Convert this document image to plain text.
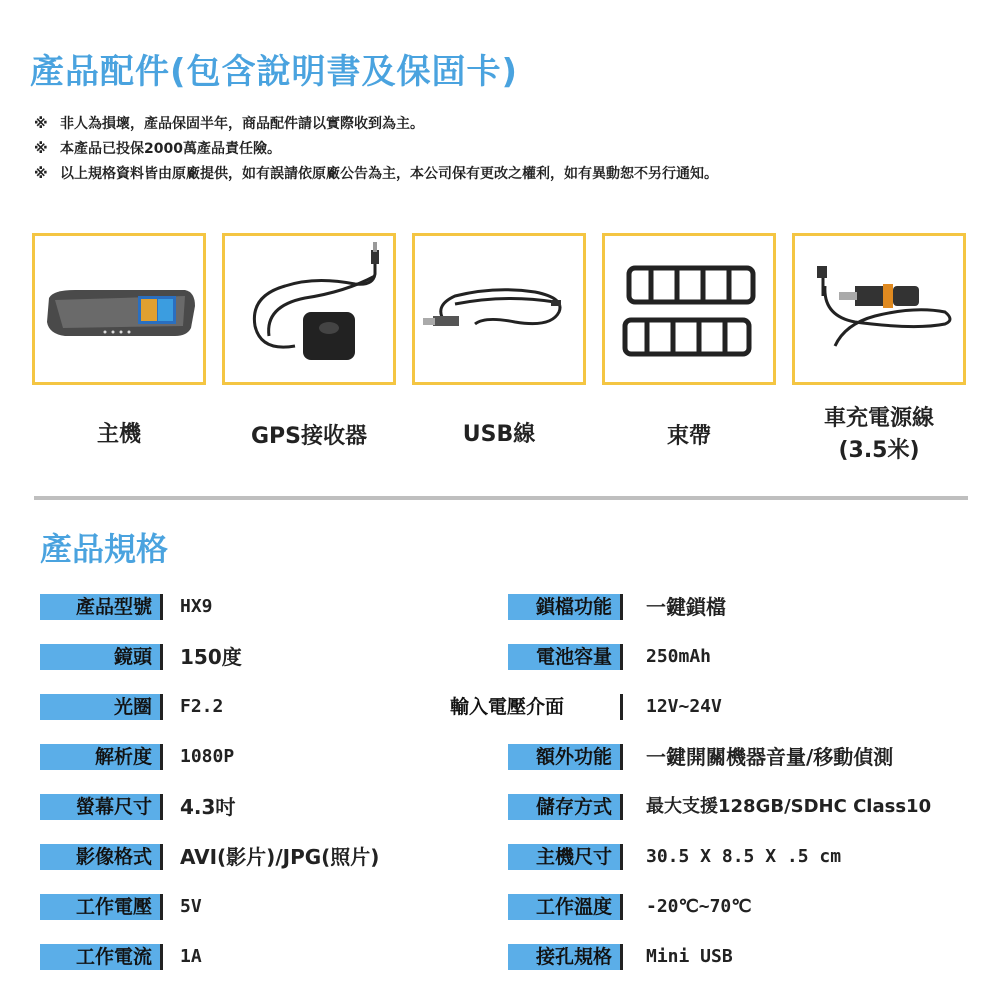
產品配件(包含說明書及保固卡)
※ 非人為損壞，產品保固半年，商品配件請以實際收到為主。
※ 本產品已投保2000萬產品責任險。
※ 以上規格資料皆由原廠提供，如有誤請依原廠公告為主，本公司保有更改之權利，如有異動恕不另行通知。
主機	GPS接收器	USB線	束帶
車充電源線
(3.5米)
產品規格
產品型號	HX9
鏡頭	150度
光圈	F2.2
解析度	1080P
螢幕尺寸	4.3吋
影像格式	AVI(影片)/JPG(照片)
工作電壓	5V
工作電流	1A
鎖檔功能	一鍵鎖檔
電池容量	250mAh
輸入電壓介面	12V~24V
額外功能	一鍵開關機器音量/移動偵測
儲存方式	最大支援128GB/SDHC Class10
主機尺寸	30.5 X 8.5 X .5 cm
工作溫度	-20℃~70℃
接孔規格	Mini USB
